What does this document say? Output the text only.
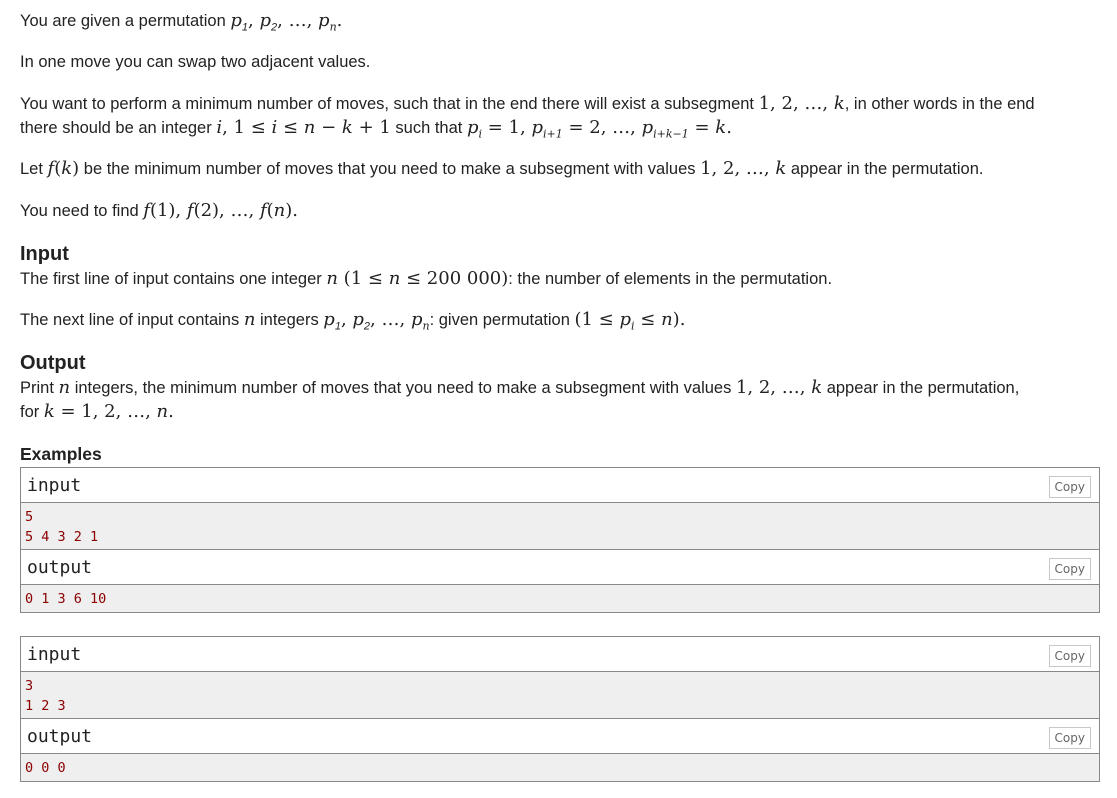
You are given a permutation $p_1$, $p_2$, …, $p_n$.
In one move you can swap two adjacent values.
You want to perform a minimum number of moves, such that in the end there will exist a subsegment 1, 2, …, k, in other words in the end
there should be an integer i, 1 ≤ i ≤ n − k + 1 such that $p_i = 1$, $p_{i+1} = 2$, …, $p_{i+k-1} = k$.
Let f(k) be the minimum number of moves that you need to make a subsegment with values 1, 2, …, k appear in the permutation.
You need to find f(1), f(2), …, f(n).
Input
The first line of input contains one integer n (1 ≤ n ≤ 200 000): the number of elements in the permutation.
The next line of input contains n integers $p_1$, $p_2$, …, $p_n$: given permutation $(1 \le p_i \le n)$.
Output
Print n integers, the minimum number of moves that you need to make a subsegment with values 1, 2, …, k appear in the permutation,
for k = 1, 2, …, n.
Examples
input	Copy
5
5 4 3 2 1
output	Copy
0 1 3 6 10
input	Copy
3
1 2 3
output	Copy
0 0 0
